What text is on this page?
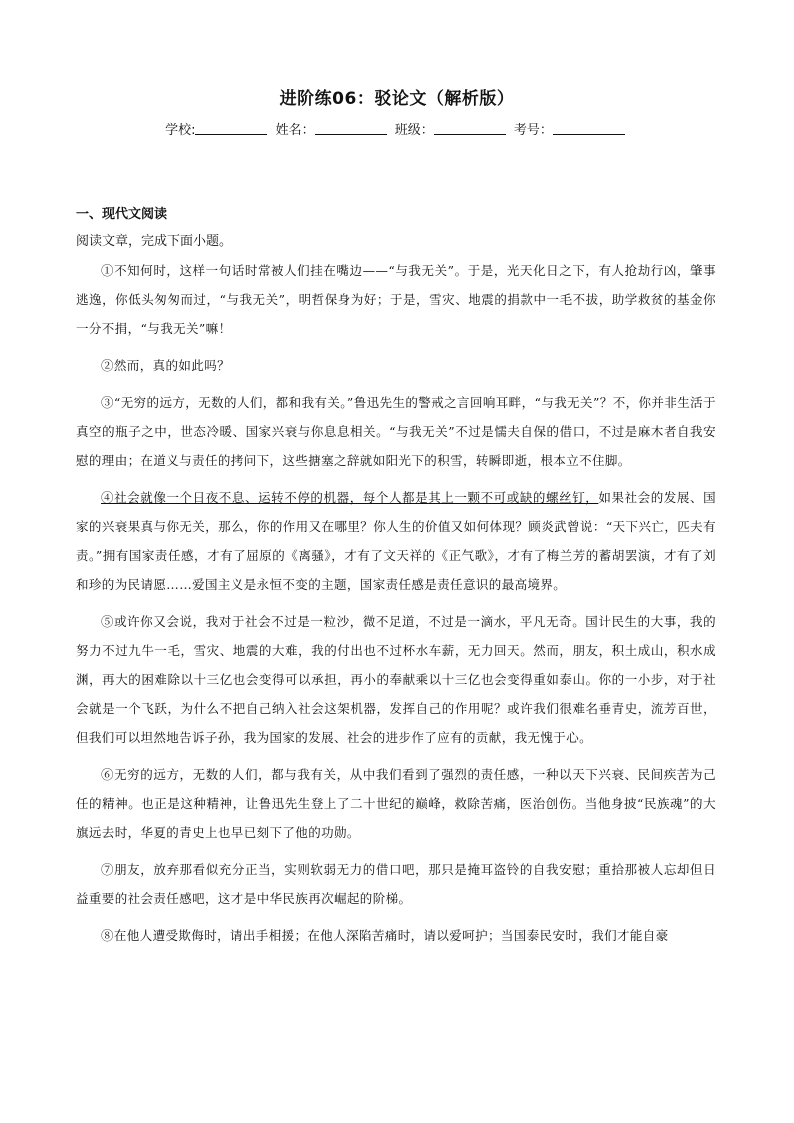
进阶练06：驳论文（解析版）
学校:	姓名：	班级：	考号：
一、现代文阅读
阅读文章，完成下面小题。

①不知何时，这样一句话时常被人们挂在嘴边——“与我无关”。于是，光天化日之下，有人抢劫行凶，肇事逃逸，你低头匆匆而过，“与我无关”，明哲保身为好；于是，雪灾、地震的捐款中一毛不拔，助学救贫的基金你一分不捐，“与我无关”嘛！

②然而，真的如此吗？

③“无穷的远方，无数的人们，都和我有关。”鲁迅先生的警戒之言回响耳畔，“与我无关”？不，你并非生活于真空的瓶子之中，世态冷暖、国家兴衰与你息息相关。“与我无关”不过是懦夫自保的借口，不过是麻木者自我安慰的理由；在道义与责任的拷问下，这些搪塞之辞就如阳光下的积雪，转瞬即逝，根本立不住脚。

④社会就像一个日夜不息、运转不停的机器，每个人都是其上一颗不可或缺的螺丝钉，如果社会的发展、国家的兴衰果真与你无关，那么，你的作用又在哪里？你人生的价值又如何体现？顾炎武曾说：“天下兴亡，匹夫有责。”拥有国家责任感，才有了屈原的《离骚》，才有了文天祥的《正气歌》，才有了梅兰芳的蓄胡罢演，才有了刘和珍的为民请愿……爱国主义是永恒不变的主题，国家责任感是责任意识的最高境界。

⑤或许你又会说，我对于社会不过是一粒沙，微不足道，不过是一滴水，平凡无奇。国计民生的大事，我的努力不过九牛一毛，雪灾、地震的大难，我的付出也不过杯水车薪，无力回天。然而，朋友，积土成山，积水成渊，再大的困难除以十三亿也会变得可以承担，再小的奉献乘以十三亿也会变得重如泰山。你的一小步，对于社会就是一个飞跃，为什么不把自己纳入社会这架机器，发挥自己的作用呢？或许我们很难名垂青史，流芳百世，但我们可以坦然地告诉子孙，我为国家的发展、社会的进步作了应有的贡献，我无愧于心。

⑥无穷的远方，无数的人们，都与我有关，从中我们看到了强烈的责任感，一种以天下兴衰、民间疾苦为己任的精神。也正是这种精神，让鲁迅先生登上了二十世纪的巅峰，救除苦痛，医治创伤。当他身披“民族魂”的大旗远去时，华夏的青史上也早已刻下了他的功勋。

⑦朋友，放弃那看似充分正当，实则软弱无力的借口吧，那只是掩耳盗铃的自我安慰；重拾那被人忘却但日益重要的社会责任感吧，这才是中华民族再次崛起的阶梯。

⑧在他人遭受欺侮时，请出手相援；在他人深陷苦痛时，请以爱呵护；当国泰民安时，我们才能自豪
